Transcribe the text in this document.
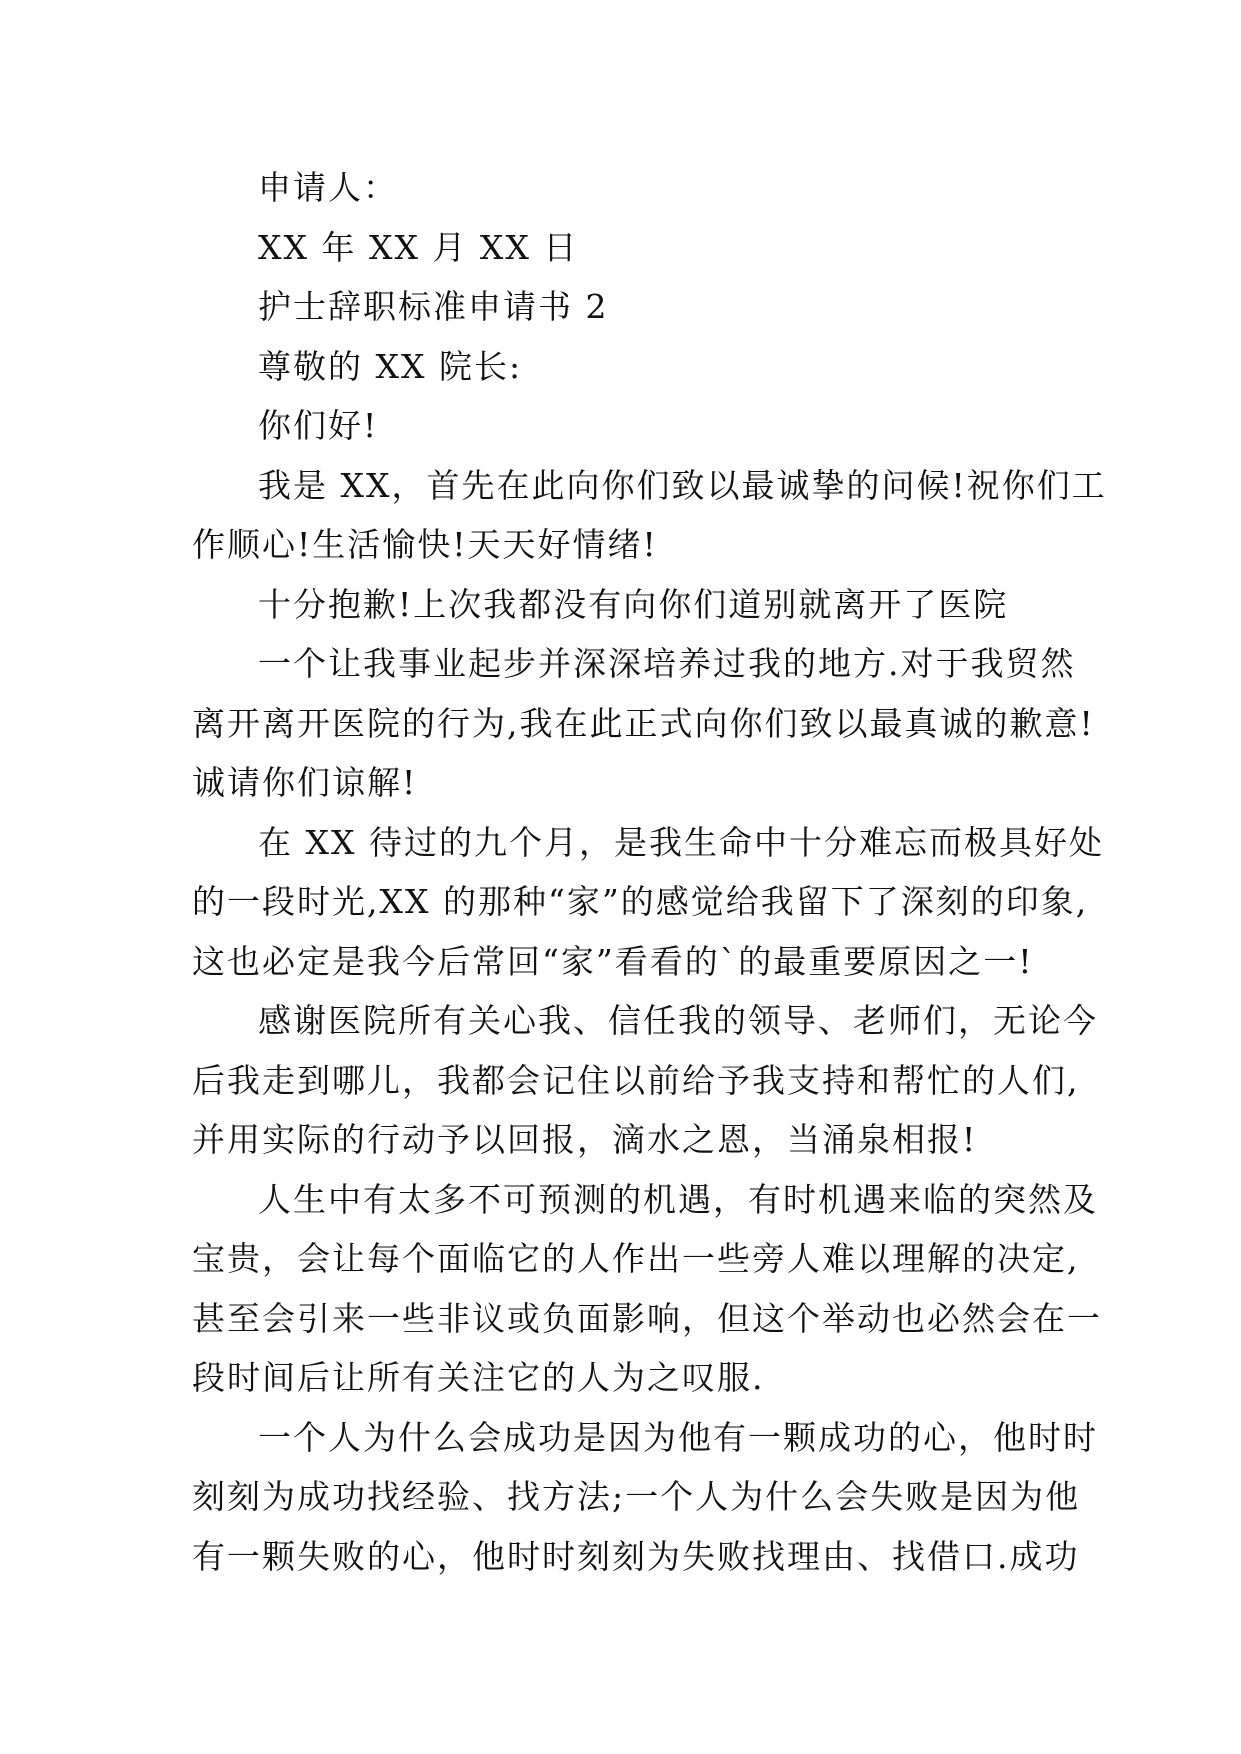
申请人：
XX 年 XX 月 XX 日
护士辞职标准申请书 2
尊敬的 XX 院长:
你们好!
我是 XX，首先在此向你们致以最诚挚的问候!祝你们工
作顺心!生活愉快!天天好情绪!
十分抱歉!上次我都没有向你们道别就离开了医院
一个让我事业起步并深深培养过我的地方.对于我贸然
离开离开医院的行为,我在此正式向你们致以最真诚的歉意!
诚请你们谅解!
在 XX 待过的九个月，是我生命中十分难忘而极具好处
的一段时光,XX 的那种“家”的感觉给我留下了深刻的印象,
这也必定是我今后常回“家”看看的`的最重要原因之一!
感谢医院所有关心我、信任我的领导、老师们，无论今
后我走到哪儿，我都会记住以前给予我支持和帮忙的人们,
并用实际的行动予以回报，滴水之恩，当涌泉相报!
人生中有太多不可预测的机遇，有时机遇来临的突然及
宝贵，会让每个面临它的人作出一些旁人难以理解的决定,
甚至会引来一些非议或负面影响，但这个举动也必然会在一
段时间后让所有关注它的人为之叹服.
一个人为什么会成功是因为他有一颗成功的心，他时时
刻刻为成功找经验、找方法;一个人为什么会失败是因为他
有一颗失败的心，他时时刻刻为失败找理由、找借口.成功
